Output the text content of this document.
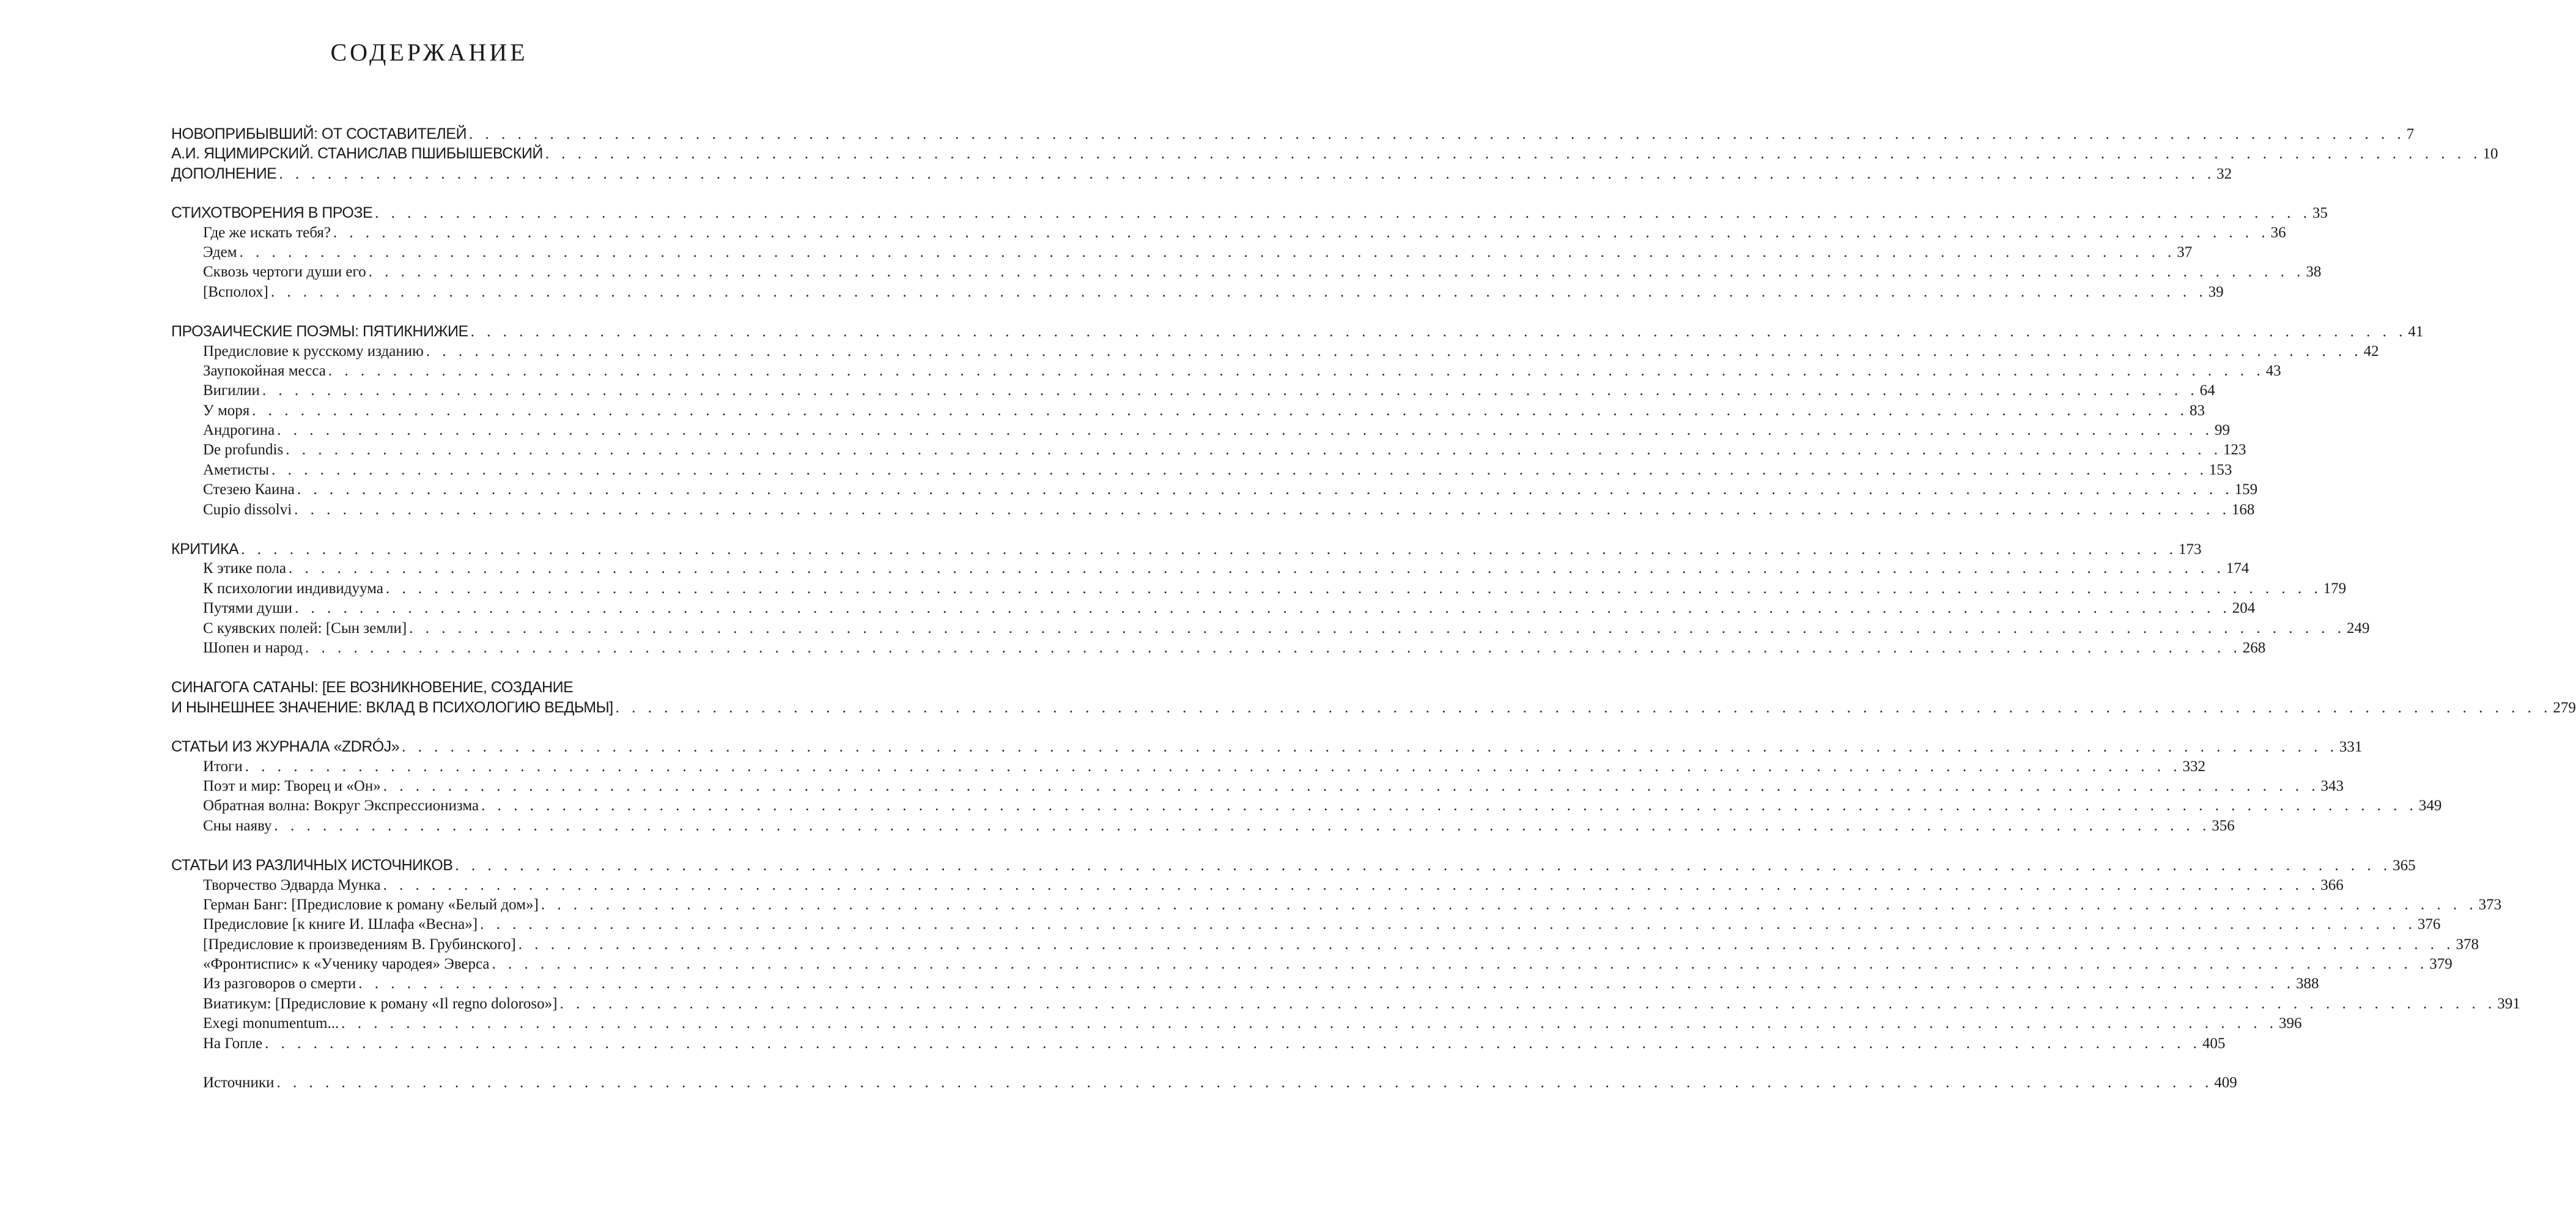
СОДЕРЖАНИЕ
НОВОПРИБЫВШИЙ: ОТ СОСТАВИТЕЛЕЙ . . . . . . . . . . . . . . . . . . . . . . . . . . . . . . . . . . . . . . . . . . . . . . . . . . . . . . . . . . . . . . . . . . . . . . . . . . . . . . . . . . . . . . . . . . . . . . . . . . . . . . . . . . . . . . . . . . . . . . . . 7
А.И. ЯЦИМИРСКИЙ. СТАНИСЛАВ ПШИБЫШЕВСКИЙ . . . . . . . . . . . . . . . . . . . . . . . . . . . . . . . . . . . . . . . . . . . . . . . . . . . . . . . . . . . . . . . . . . . . . . . . . . . . . . . . . . . . . . . . . . . . . . . . . . . . . . . . . . . . . . . . . . . . . . . . 10
ДОПОЛНЕНИЕ . . . . . . . . . . . . . . . . . . . . . . . . . . . . . . . . . . . . . . . . . . . . . . . . . . . . . . . . . . . . . . . . . . . . . . . . . . . . . . . . . . . . . . . . . . . . . . . . . . . . . . . . . . . . . . . . . . . . . . . . 32
СТИХОТВОРЕНИЯ В ПРОЗЕ . . . . . . . . . . . . . . . . . . . . . . . . . . . . . . . . . . . . . . . . . . . . . . . . . . . . . . . . . . . . . . . . . . . . . . . . . . . . . . . . . . . . . . . . . . . . . . . . . . . . . . . . . . . . . . . . . . . . . . . . 35
Где же искать тебя? . . . . . . . . . . . . . . . . . . . . . . . . . . . . . . . . . . . . . . . . . . . . . . . . . . . . . . . . . . . . . . . . . . . . . . . . . . . . . . . . . . . . . . . . . . . . . . . . . . . . . . . . . . . . . . . . . . . . . . . . 36
Эдем . . . . . . . . . . . . . . . . . . . . . . . . . . . . . . . . . . . . . . . . . . . . . . . . . . . . . . . . . . . . . . . . . . . . . . . . . . . . . . . . . . . . . . . . . . . . . . . . . . . . . . . . . . . . . . . . . . . . . . . . 37
Сквозь чертоги души его . . . . . . . . . . . . . . . . . . . . . . . . . . . . . . . . . . . . . . . . . . . . . . . . . . . . . . . . . . . . . . . . . . . . . . . . . . . . . . . . . . . . . . . . . . . . . . . . . . . . . . . . . . . . . . . . . . . . . . . . 38
[Всполох] . . . . . . . . . . . . . . . . . . . . . . . . . . . . . . . . . . . . . . . . . . . . . . . . . . . . . . . . . . . . . . . . . . . . . . . . . . . . . . . . . . . . . . . . . . . . . . . . . . . . . . . . . . . . . . . . . . . . . . . . 39
ПРОЗАИЧЕСКИЕ ПОЭМЫ: ПЯТИКНИЖИЕ . . . . . . . . . . . . . . . . . . . . . . . . . . . . . . . . . . . . . . . . . . . . . . . . . . . . . . . . . . . . . . . . . . . . . . . . . . . . . . . . . . . . . . . . . . . . . . . . . . . . . . . . . . . . . . . . . . . . . . . . 41
Предисловие к русскому изданию . . . . . . . . . . . . . . . . . . . . . . . . . . . . . . . . . . . . . . . . . . . . . . . . . . . . . . . . . . . . . . . . . . . . . . . . . . . . . . . . . . . . . . . . . . . . . . . . . . . . . . . . . . . . . . . . . . . . . . . . 42
Заупокойная месса . . . . . . . . . . . . . . . . . . . . . . . . . . . . . . . . . . . . . . . . . . . . . . . . . . . . . . . . . . . . . . . . . . . . . . . . . . . . . . . . . . . . . . . . . . . . . . . . . . . . . . . . . . . . . . . . . . . . . . . . 43
Вигилии . . . . . . . . . . . . . . . . . . . . . . . . . . . . . . . . . . . . . . . . . . . . . . . . . . . . . . . . . . . . . . . . . . . . . . . . . . . . . . . . . . . . . . . . . . . . . . . . . . . . . . . . . . . . . . . . . . . . . . . . 64
У моря . . . . . . . . . . . . . . . . . . . . . . . . . . . . . . . . . . . . . . . . . . . . . . . . . . . . . . . . . . . . . . . . . . . . . . . . . . . . . . . . . . . . . . . . . . . . . . . . . . . . . . . . . . . . . . . . . . . . . . . . 83
Андрогина . . . . . . . . . . . . . . . . . . . . . . . . . . . . . . . . . . . . . . . . . . . . . . . . . . . . . . . . . . . . . . . . . . . . . . . . . . . . . . . . . . . . . . . . . . . . . . . . . . . . . . . . . . . . . . . . . . . . . . . . 99
De profundis . . . . . . . . . . . . . . . . . . . . . . . . . . . . . . . . . . . . . . . . . . . . . . . . . . . . . . . . . . . . . . . . . . . . . . . . . . . . . . . . . . . . . . . . . . . . . . . . . . . . . . . . . . . . . . . . . . . . . . . . 123
Аметисты . . . . . . . . . . . . . . . . . . . . . . . . . . . . . . . . . . . . . . . . . . . . . . . . . . . . . . . . . . . . . . . . . . . . . . . . . . . . . . . . . . . . . . . . . . . . . . . . . . . . . . . . . . . . . . . . . . . . . . . . 153
Стезею Каина . . . . . . . . . . . . . . . . . . . . . . . . . . . . . . . . . . . . . . . . . . . . . . . . . . . . . . . . . . . . . . . . . . . . . . . . . . . . . . . . . . . . . . . . . . . . . . . . . . . . . . . . . . . . . . . . . . . . . . . . 159
Cupio dissolvi . . . . . . . . . . . . . . . . . . . . . . . . . . . . . . . . . . . . . . . . . . . . . . . . . . . . . . . . . . . . . . . . . . . . . . . . . . . . . . . . . . . . . . . . . . . . . . . . . . . . . . . . . . . . . . . . . . . . . . . . 168
КРИТИКА . . . . . . . . . . . . . . . . . . . . . . . . . . . . . . . . . . . . . . . . . . . . . . . . . . . . . . . . . . . . . . . . . . . . . . . . . . . . . . . . . . . . . . . . . . . . . . . . . . . . . . . . . . . . . . . . . . . . . . . . 173
К этике пола . . . . . . . . . . . . . . . . . . . . . . . . . . . . . . . . . . . . . . . . . . . . . . . . . . . . . . . . . . . . . . . . . . . . . . . . . . . . . . . . . . . . . . . . . . . . . . . . . . . . . . . . . . . . . . . . . . . . . . . . 174
К психологии индивидуума . . . . . . . . . . . . . . . . . . . . . . . . . . . . . . . . . . . . . . . . . . . . . . . . . . . . . . . . . . . . . . . . . . . . . . . . . . . . . . . . . . . . . . . . . . . . . . . . . . . . . . . . . . . . . . . . . . . . . . . . 179
Путями души . . . . . . . . . . . . . . . . . . . . . . . . . . . . . . . . . . . . . . . . . . . . . . . . . . . . . . . . . . . . . . . . . . . . . . . . . . . . . . . . . . . . . . . . . . . . . . . . . . . . . . . . . . . . . . . . . . . . . . . . 204
С куявских полей: [Сын земли] . . . . . . . . . . . . . . . . . . . . . . . . . . . . . . . . . . . . . . . . . . . . . . . . . . . . . . . . . . . . . . . . . . . . . . . . . . . . . . . . . . . . . . . . . . . . . . . . . . . . . . . . . . . . . . . . . . . . . . . . 249
Шопен и народ . . . . . . . . . . . . . . . . . . . . . . . . . . . . . . . . . . . . . . . . . . . . . . . . . . . . . . . . . . . . . . . . . . . . . . . . . . . . . . . . . . . . . . . . . . . . . . . . . . . . . . . . . . . . . . . . . . . . . . . . 268
СИНАГОГА САТАНЫ: [ЕЕ ВОЗНИКНОВЕНИЕ, СОЗДАНИЕ
И НЫНЕШНЕЕ ЗНАЧЕНИЕ: ВКЛАД В ПСИХОЛОГИЮ ВЕДЬМЫ] . . . . . . . . . . . . . . . . . . . . . . . . . . . . . . . . . . . . . . . . . . . . . . . . . . . . . . . . . . . . . . . . . . . . . . . . . . . . . . . . . . . . . . . . . . . . . . . . . . . . . . . . . . . . . . . . . . . . . . . . 279
СТАТЬИ ИЗ ЖУРНАЛА «ZDRÓJ» . . . . . . . . . . . . . . . . . . . . . . . . . . . . . . . . . . . . . . . . . . . . . . . . . . . . . . . . . . . . . . . . . . . . . . . . . . . . . . . . . . . . . . . . . . . . . . . . . . . . . . . . . . . . . . . . . . . . . . . . 331
Итоги . . . . . . . . . . . . . . . . . . . . . . . . . . . . . . . . . . . . . . . . . . . . . . . . . . . . . . . . . . . . . . . . . . . . . . . . . . . . . . . . . . . . . . . . . . . . . . . . . . . . . . . . . . . . . . . . . . . . . . . . 332
Поэт и мир: Творец и «Он» . . . . . . . . . . . . . . . . . . . . . . . . . . . . . . . . . . . . . . . . . . . . . . . . . . . . . . . . . . . . . . . . . . . . . . . . . . . . . . . . . . . . . . . . . . . . . . . . . . . . . . . . . . . . . . . . . . . . . . . . 343
Обратная волна: Вокруг Экспрессионизма . . . . . . . . . . . . . . . . . . . . . . . . . . . . . . . . . . . . . . . . . . . . . . . . . . . . . . . . . . . . . . . . . . . . . . . . . . . . . . . . . . . . . . . . . . . . . . . . . . . . . . . . . . . . . . . . . . . . . . . . 349
Сны наяву . . . . . . . . . . . . . . . . . . . . . . . . . . . . . . . . . . . . . . . . . . . . . . . . . . . . . . . . . . . . . . . . . . . . . . . . . . . . . . . . . . . . . . . . . . . . . . . . . . . . . . . . . . . . . . . . . . . . . . . . 356
СТАТЬИ ИЗ РАЗЛИЧНЫХ ИСТОЧНИКОВ . . . . . . . . . . . . . . . . . . . . . . . . . . . . . . . . . . . . . . . . . . . . . . . . . . . . . . . . . . . . . . . . . . . . . . . . . . . . . . . . . . . . . . . . . . . . . . . . . . . . . . . . . . . . . . . . . . . . . . . . 365
Творчество Эдварда Мунка . . . . . . . . . . . . . . . . . . . . . . . . . . . . . . . . . . . . . . . . . . . . . . . . . . . . . . . . . . . . . . . . . . . . . . . . . . . . . . . . . . . . . . . . . . . . . . . . . . . . . . . . . . . . . . . . . . . . . . . . 366
Герман Банг: [Предисловие к роману «Белый дом»] . . . . . . . . . . . . . . . . . . . . . . . . . . . . . . . . . . . . . . . . . . . . . . . . . . . . . . . . . . . . . . . . . . . . . . . . . . . . . . . . . . . . . . . . . . . . . . . . . . . . . . . . . . . . . . . . . . . . . . . . 373
Предисловие [к книге И. Шлафа «Весна»] . . . . . . . . . . . . . . . . . . . . . . . . . . . . . . . . . . . . . . . . . . . . . . . . . . . . . . . . . . . . . . . . . . . . . . . . . . . . . . . . . . . . . . . . . . . . . . . . . . . . . . . . . . . . . . . . . . . . . . . . 376
[Предисловие к произведениям В. Грубинского] . . . . . . . . . . . . . . . . . . . . . . . . . . . . . . . . . . . . . . . . . . . . . . . . . . . . . . . . . . . . . . . . . . . . . . . . . . . . . . . . . . . . . . . . . . . . . . . . . . . . . . . . . . . . . . . . . . . . . . . . 378
«Фронтиспис» к «Ученику чародея» Эверса . . . . . . . . . . . . . . . . . . . . . . . . . . . . . . . . . . . . . . . . . . . . . . . . . . . . . . . . . . . . . . . . . . . . . . . . . . . . . . . . . . . . . . . . . . . . . . . . . . . . . . . . . . . . . . . . . . . . . . . . 379
Из разговоров о смерти . . . . . . . . . . . . . . . . . . . . . . . . . . . . . . . . . . . . . . . . . . . . . . . . . . . . . . . . . . . . . . . . . . . . . . . . . . . . . . . . . . . . . . . . . . . . . . . . . . . . . . . . . . . . . . . . . . . . . . . . 388
Виатикум: [Предисловие к роману «Il regno doloroso»] . . . . . . . . . . . . . . . . . . . . . . . . . . . . . . . . . . . . . . . . . . . . . . . . . . . . . . . . . . . . . . . . . . . . . . . . . . . . . . . . . . . . . . . . . . . . . . . . . . . . . . . . . . . . . . . . . . . . . . . . 391
Exegi monumentum... . . . . . . . . . . . . . . . . . . . . . . . . . . . . . . . . . . . . . . . . . . . . . . . . . . . . . . . . . . . . . . . . . . . . . . . . . . . . . . . . . . . . . . . . . . . . . . . . . . . . . . . . . . . . . . . . . . . . . . . . 396
На Гопле . . . . . . . . . . . . . . . . . . . . . . . . . . . . . . . . . . . . . . . . . . . . . . . . . . . . . . . . . . . . . . . . . . . . . . . . . . . . . . . . . . . . . . . . . . . . . . . . . . . . . . . . . . . . . . . . . . . . . . . . 405
Источники . . . . . . . . . . . . . . . . . . . . . . . . . . . . . . . . . . . . . . . . . . . . . . . . . . . . . . . . . . . . . . . . . . . . . . . . . . . . . . . . . . . . . . . . . . . . . . . . . . . . . . . . . . . . . . . . . . . . . . . . 409
